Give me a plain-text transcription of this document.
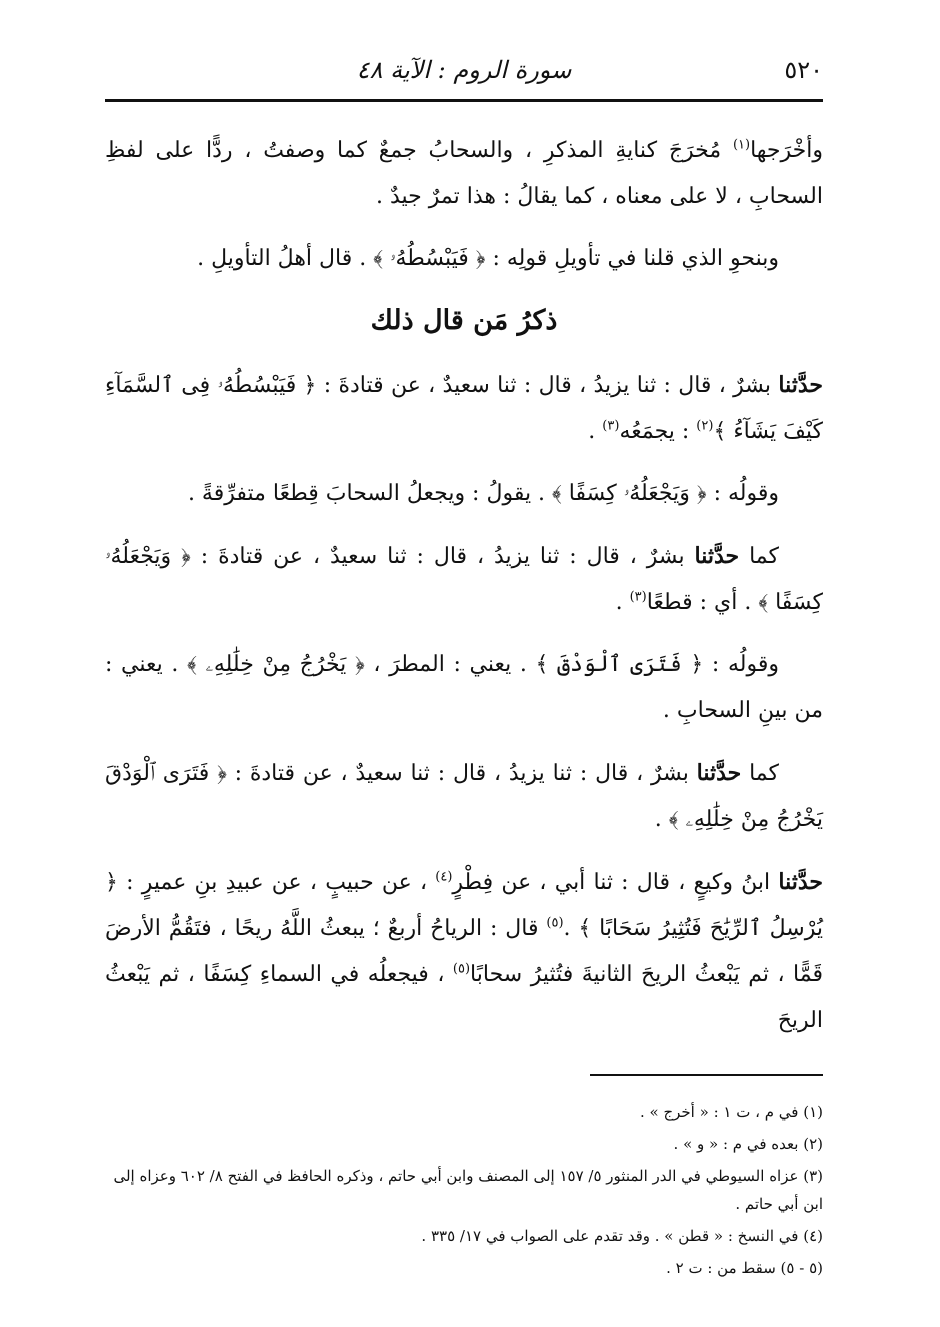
٥٢٠
سورة الروم : الآية ٤٨

وأخْرَجها$^{(١)}$ مُخرَجَ كنايةِ المذكرِ ، والسحابُ جمعٌ كما وصفتُ ، ردًّا على لفظِ السحابِ ، لا على معناه ، كما يقالُ : هذا تمرٌ جيدٌ .

وبنحوِ الذي قلنا في تأويلِ قولِه : ﴿ فَيَبْسُطُهُۥ ﴾ . قال أهلُ التأويلِ .

ذكرُ مَن قال ذلك

حدَّثنا بشرٌ ، قال : ثنا يزيدُ ، قال : ثنا سعيدٌ ، عن قتادةَ : ﴿ فَيَبْسُطُهُۥ فِى ٱلسَّمَآءِ كَيْفَ يَشَآءُ ﴾$^{(٢)}$ : يجمَعُه$^{(٣)}$ .

وقولُه : ﴿ وَيَجْعَلُهُۥ كِسَفًا ﴾ . يقولُ : ويجعلُ السحابَ قِطعًا متفرِّقةً .

كما حدَّثنا بشرٌ ، قال : ثنا يزيدُ ، قال : ثنا سعيدٌ ، عن قتادةَ : ﴿ وَيَجْعَلُهُۥ كِسَفًا ﴾ . أي : قطعًا$^{(٣)}$ .

وقولُه : ﴿ فَتَرَى ٱلْوَدْقَ ﴾ . يعني : المطرَ ، ﴿ يَخْرُجُ مِنْ خِلَٰلِهِۦ ﴾ . يعني : من بينِ السحابِ .

كما حدَّثنا بشرٌ ، قال : ثنا يزيدُ ، قال : ثنا سعيدٌ ، عن قتادةَ : ﴿ فَتَرَى ٱلْوَدْقَ يَخْرُجُ مِنْ خِلَٰلِهِۦ ﴾ .

حدَّثنا ابنُ وكيعٍ ، قال : ثنا أبي ، عن فِطْرٍ$^{(٤)}$ ، عن حبيبٍ ، عن عبيدِ بنِ عميرٍ : ﴿ يُرْسِلُ ٱلرِّيَٰحَ فَتُثِيرُ سَحَابًا ﴾ .$^{(٥)}$ قال : الرياحُ أربعٌ ؛ يبعثُ اللَّهُ ريحًا ، فتَقُمُّ الأرضَ قَمًّا ، ثم يَبْعثُ الريحَ الثانيةَ فتُثيرُ سحابًا$^{(٥)}$ ، فيجعلُه في السماءِ كِسَفًا ، ثم يَبْعثُ الريحَ

(١) في م ، ت ١ : « أخرج » .
(٢) بعده في م : « و » .
(٣) عزاه السيوطي في الدر المنثور ٥/ ١٥٧ إلى المصنف وابن أبي حاتم ، وذكره الحافظ في الفتح ٨/ ٦٠٢ وعزاه إلى ابن أبي حاتم .
(٤) في النسخ : « قطن » . وقد تقدم على الصواب في ١٧/ ٣٣٥ .
(٥ - ٥) سقط من : ت ٢ .
